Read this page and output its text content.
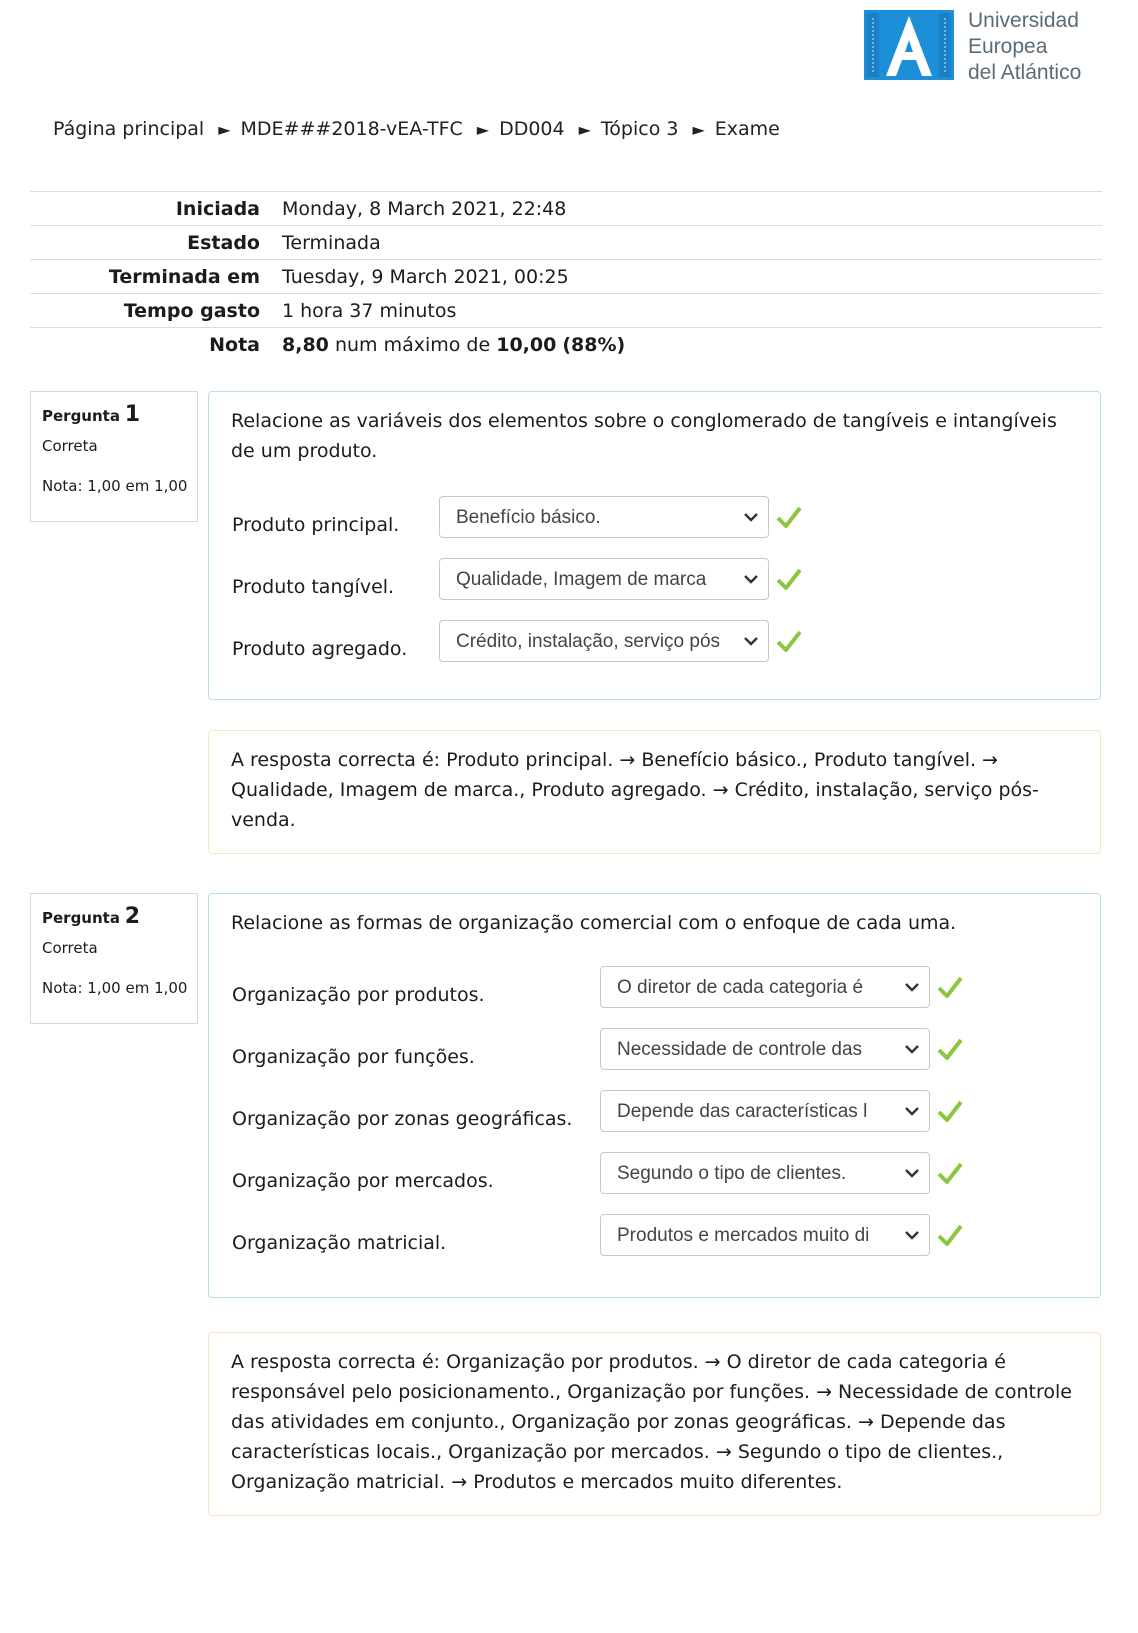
Universidad
Europea
del Atlántico
Página principal ► MDE###2018-vEA-TFC ► DD004 ► Tópico 3 ► Exame
Iniciada	Monday, 8 March 2021, 22:48
Estado	Terminada
Terminada em	Tuesday, 9 March 2021, 00:25
Tempo gasto	1 hora 37 minutos
Nota	8,80 num máximo de 10,00 (88%)
Pergunta 1
Correta
Nota: 1,00 em 1,00
Relacione as variáveis dos elementos sobre o conglomerado de tangíveis e intangíveis de um produto.
Produto principal.	Benefício básico.
Produto tangível.	Qualidade, Imagem de marca
Produto agregado.	Crédito, instalação, serviço pós
A resposta correcta é: Produto principal. → Benefício básico., Produto tangível. → Qualidade, Imagem de marca., Produto agregado. → Crédito, instalação, serviço pós-venda.
Pergunta 2
Correta
Nota: 1,00 em 1,00
Relacione as formas de organização comercial com o enfoque de cada uma.
Organização por produtos.	O diretor de cada categoria é
Organização por funções.	Necessidade de controle das
Organização por zonas geográficas.	Depende das características l
Organização por mercados.	Segundo o tipo de clientes.
Organização matricial.	Produtos e mercados muito di
A resposta correcta é: Organização por produtos. → O diretor de cada categoria é responsável pelo posicionamento., Organização por funções. → Necessidade de controle das atividades em conjunto., Organização por zonas geográficas. → Depende das características locais., Organização por mercados. → Segundo o tipo de clientes., Organização matricial. → Produtos e mercados muito diferentes.
